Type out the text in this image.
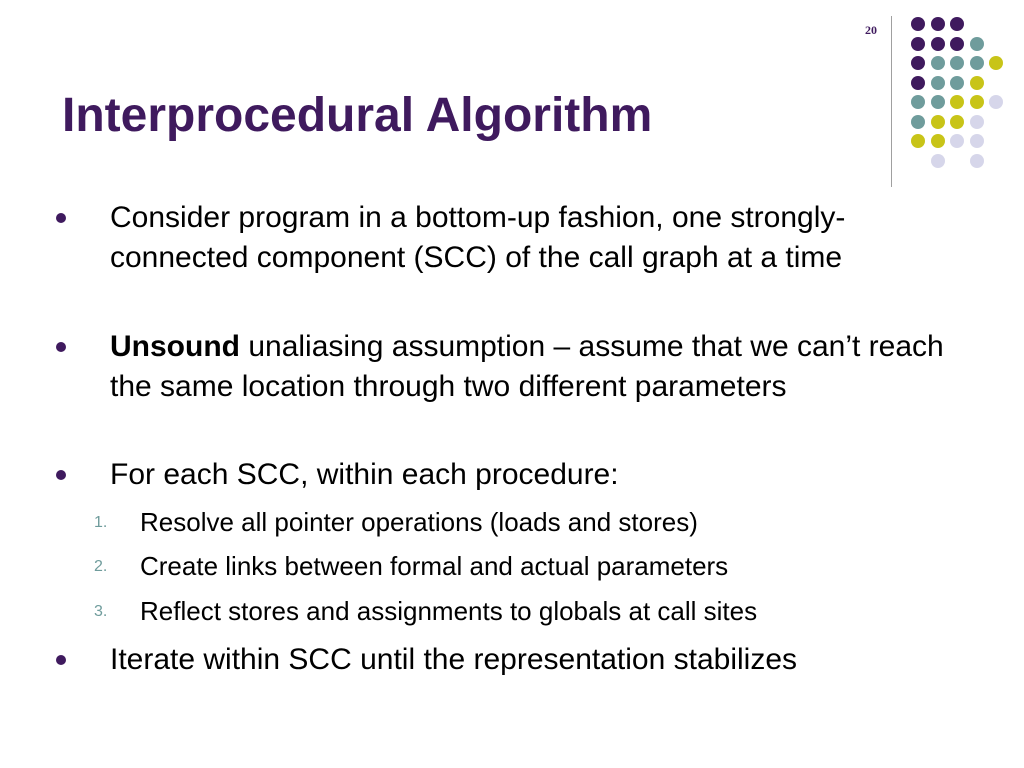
20
Interprocedural Algorithm
Consider program in a bottom-up fashion, one strongly-connected component (SCC) of the call graph at a time
Unsound unaliasing assumption – assume that we can’t reach the same location through two different parameters
For each SCC, within each procedure:
1. Resolve all pointer operations (loads and stores)
2. Create links between formal and actual parameters
3. Reflect stores and assignments to globals at call sites
Iterate within SCC until the representation stabilizes
